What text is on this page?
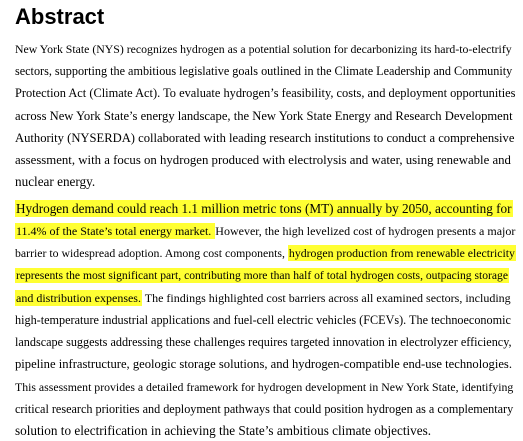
Abstract

New York State (NYS) recognizes hydrogen as a potential solution for decarbonizing its hard-to-electrify

sectors, supporting the ambitious legislative goals outlined in the Climate Leadership and Community

Protection Act (Climate Act). To evaluate hydrogen’s feasibility, costs, and deployment opportunities

across New York State’s energy landscape, the New York State Energy and Research Development

Authority (NYSERDA) collaborated with leading research institutions to conduct a comprehensive

assessment, with a focus on hydrogen produced with electrolysis and water, using renewable and

nuclear energy.

Hydrogen demand could reach 1.1 million metric tons (MT) annually by 2050, accounting for

11.4% of the State’s total energy market. However, the high levelized cost of hydrogen presents a major

barrier to widespread adoption. Among cost components, hydrogen production from renewable electricity

represents the most significant part, contributing more than half of total hydrogen costs, outpacing storage

and distribution expenses. The findings highlighted cost barriers across all examined sectors, including

high-temperature industrial applications and fuel-cell electric vehicles (FCEVs). The technoeconomic

landscape suggests addressing these challenges requires targeted innovation in electrolyzer efficiency,

pipeline infrastructure, geologic storage solutions, and hydrogen-compatible end-use technologies.

This assessment provides a detailed framework for hydrogen development in New York State, identifying

critical research priorities and deployment pathways that could position hydrogen as a complementary

solution to electrification in achieving the State’s ambitious climate objectives.
